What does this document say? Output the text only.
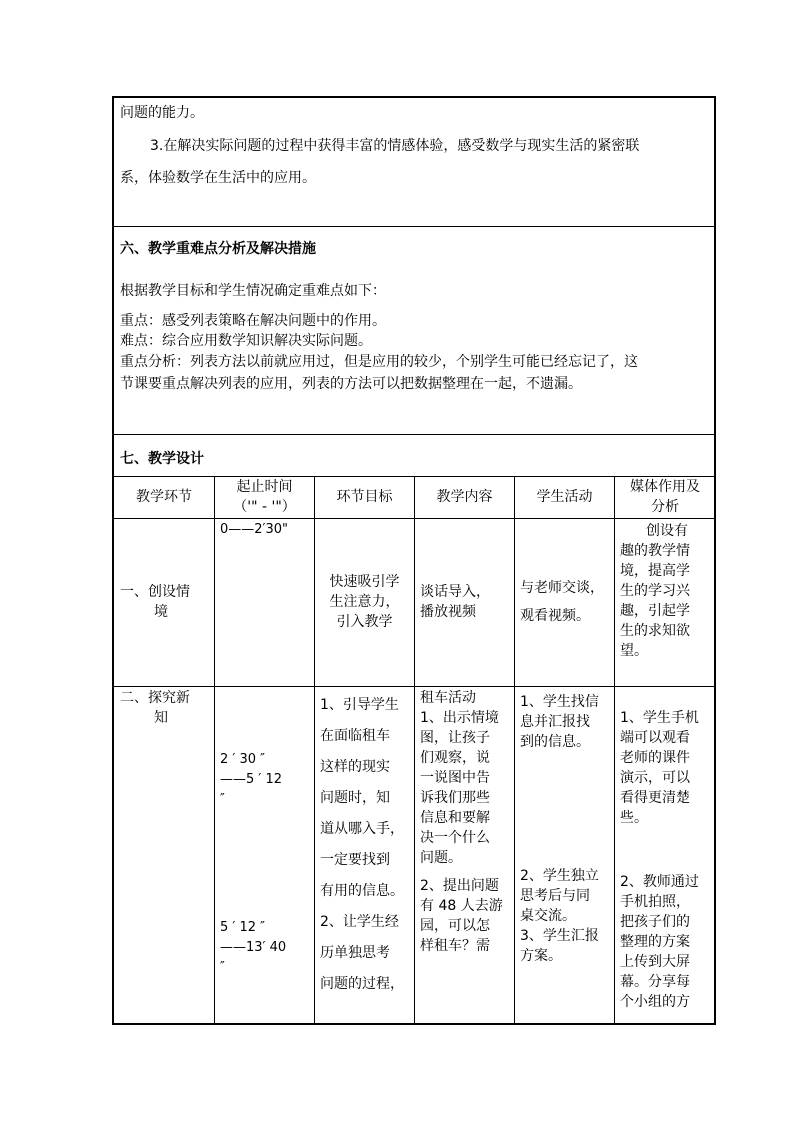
问题的能力。
3.在解决实际问题的过程中获得丰富的情感体验，感受数学与现实生活的紧密联
系，体验数学在生活中的应用。
六、教学重难点分析及解决措施
根据教学目标和学生情况确定重难点如下：
重点：感受列表策略在解决问题中的作用。
难点：综合应用数学知识解决实际问题。
重点分析：列表方法以前就应用过，但是应用的较少，个别学生可能已经忘记了，这
节课要重点解决列表的应用，列表的方法可以把数据整理在一起，不遗漏。
七、教学设计
教学环节
起止时间
（'" - '"）
环节目标	教学内容	学生活动
媒体作用及
分析
一、创设情
境
0——2′30"
快速吸引学
生注意力，
引入教学
谈话导入，
播放视频
与老师交谈，
观看视频。
创设有
趣的教学情
境，提高学
生的学习兴
趣，引起学
生的求知欲
望。
二、探究新
知
2 ′ 30 ″
——5 ′ 12
″
5 ′ 12 ″
——13′ 40
″
1、引导学生
在面临租车
这样的现实
问题时，知
道从哪入手，
一定要找到
有用的信息。
2、让学生经
历单独思考
问题的过程，
租车活动
1、出示情境
图，让孩子
们观察，说
一说图中告
诉我们那些
信息和要解
决一个什么
问题。
2、提出问题
有 48 人去游
园，可以怎
样租车？需
1、学生找信
息并汇报找
到的信息。
2、学生独立
思考后与同
桌交流。
3、学生汇报
方案。
1、学生手机
端可以观看
老师的课件
演示，可以
看得更清楚
些。
2、教师通过
手机拍照，
把孩子们的
整理的方案
上传到大屏
幕。分享每
个小组的方
